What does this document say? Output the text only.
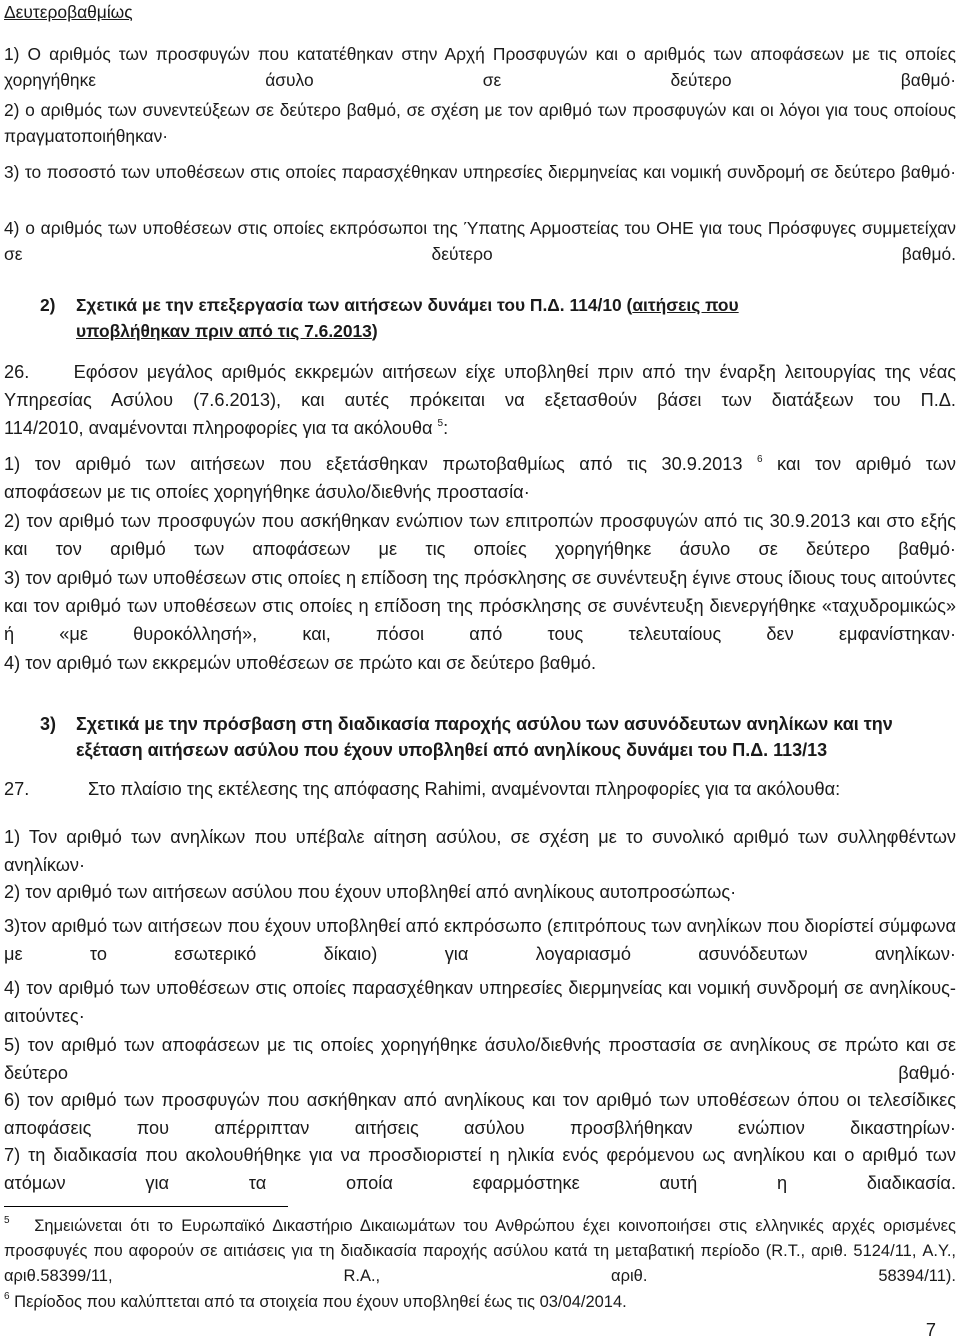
Δευτεροβαθμίως

1) Ο αριθμός των προσφυγών που κατατέθηκαν στην Αρχή Προσφυγών και ο αριθμός των αποφάσεων με τις οποίες χορηγήθηκε άσυλο σε δεύτερο βαθμό·

2) ο αριθμός των συνεντεύξεων σε δεύτερο βαθμό, σε σχέση με τον αριθμό των προσφυγών και οι λόγοι για τους οποίους πραγματοποιήθηκαν·

3) το ποσοστό των υποθέσεων στις οποίες παρασχέθηκαν υπηρεσίες διερμηνείας και νομική συνδρομή σε δεύτερο βαθμό·

4) ο αριθμός των υποθέσεων στις οποίες εκπρόσωποι της Ύπατης Αρμοστείας του ΟΗΕ για τους Πρόσφυγες συμμετείχαν σε δεύτερο βαθμό.

2) Σχετικά με την επεξεργασία των αιτήσεων δυνάμει του Π.Δ. 114/10 (αιτήσεις που
υποβλήθηκαν πριν από τις 7.6.2013)

26. Εφόσον μεγάλος αριθμός εκκρεμών αιτήσεων είχε υποβληθεί πριν από την έναρξη λειτουργίας της νέας Υπηρεσίας Ασύλου (7.6.2013), και αυτές πρόκειται να εξετασθούν βάσει των διατάξεων του Π.Δ.
114/2010, αναμένονται πληροφορίες για τα ακόλουθα $^5$:

1) τον αριθμό των αιτήσεων που εξετάσθηκαν πρωτοβαθμίως από τις 30.9.2013 $^6$ και τον αριθμό των
αποφάσεων με τις οποίες χορηγήθηκε άσυλο/διεθνής προστασία·

2) τον αριθμό των προσφυγών που ασκήθηκαν ενώπιον των επιτροπών προσφυγών από τις 30.9.2013 και στο εξής και τον αριθμό των αποφάσεων με τις οποίες χορηγήθηκε άσυλο σε δεύτερο βαθμό·

3) τον αριθμό των υποθέσεων στις οποίες η επίδοση της πρόσκλησης σε συνέντευξη έγινε στους ίδιους τους αιτούντες και τον αριθμό των υποθέσεων στις οποίες η επίδοση της πρόσκλησης σε συνέντευξη διενεργήθηκε «ταχυδρομικώς» ή «με θυροκόλλησή», και, πόσοι από τους τελευταίους δεν εμφανίστηκαν·

4) τον αριθμό των εκκρεμών υποθέσεων σε πρώτο και σε δεύτερο βαθμό.

3) Σχετικά με την πρόσβαση στη διαδικασία παροχής ασύλου των ασυνόδευτων ανηλίκων και την
εξέταση αιτήσεων ασύλου που έχουν υποβληθεί από ανηλίκους δυνάμει του Π.Δ. 113/13
27.	Στο πλαίσιο της εκτέλεσης της απόφασης Rahimi, αναμένονται πληροφορίες για τα ακόλουθα:

1) Τον αριθμό των ανηλίκων που υπέβαλε αίτηση ασύλου, σε σχέση με το συνολικό αριθμό των συλληφθέντων ανηλίκων·

2) τον αριθμό των αιτήσεων ασύλου που έχουν υποβληθεί από ανηλίκους αυτοπροσώπως·

3)τον αριθμό των αιτήσεων που έχουν υποβληθεί από εκπρόσωπο (επιτρόπους των ανηλίκων που διορίστεί σύμφωνα με το εσωτερικό δίκαιο) για λογαριασμό ασυνόδευτων ανηλίκων·

4) τον αριθμό των υποθέσεων στις οποίες παρασχέθηκαν υπηρεσίες διερμηνείας και νομική συνδρομή σε ανηλίκους-αιτούντες·

5) τον αριθμό των αποφάσεων με τις οποίες χορηγήθηκε άσυλο/διεθνής προστασία σε ανηλίκους σε πρώτο και σε δεύτερο βαθμό·

6) τον αριθμό των προσφυγών που ασκήθηκαν από ανηλίκους και τον αριθμό των υποθέσεων όπου οι τελεσίδικες αποφάσεις που απέρριπταν αιτήσεις ασύλου προσβλήθηκαν ενώπιον δικαστηρίων·

7) τη διαδικασία που ακολουθήθηκε για να προσδιοριστεί η ηλικία ενός φερόμενου ως ανηλίκου και ο αριθμό των ατόμων για τα οποία εφαρμόστηκε αυτή η διαδικασία.

$^5$ Σημειώνεται ότι το Ευρωπαϊκό Δικαστήριο Δικαιωμάτων του Ανθρώπου έχει κοινοποιήσει στις ελληνικές αρχές ορισμένες προσφυγές που αφορούν σε αιτιάσεις για τη διαδικασία παροχής ασύλου κατά τη μεταβατική περίοδο (R.T., αριθ. 5124/11, A.Y., αριθ.58399/11, R.A., αριθ. 58394/11).
$^6$ Περίοδος που καλύπτεται από τα στοιχεία που έχουν υποβληθεί έως τις 03/04/2014.
7
